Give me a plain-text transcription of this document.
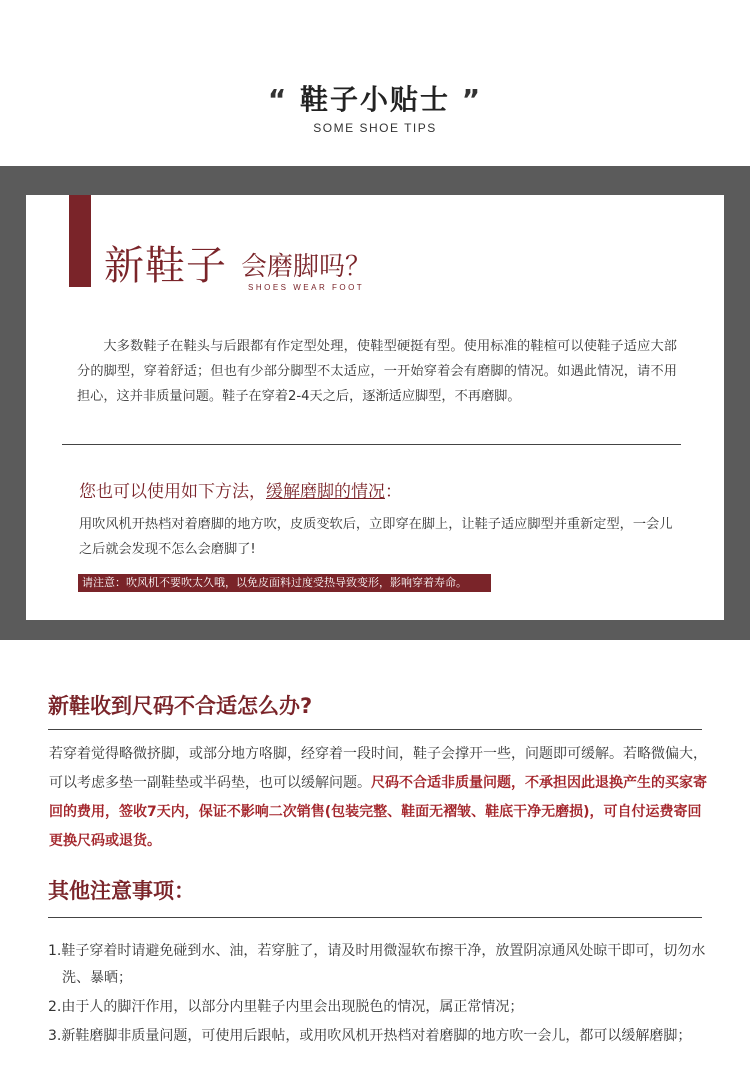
“ 鞋子小贴士 ”
SOME SHOE TIPS
新鞋子 会磨脚吗？
SHOES WEAR FOOT
大多数鞋子在鞋头与后跟都有作定型处理，使鞋型硬挺有型。使用标准的鞋楦可以使鞋子适应大部分的脚型，穿着舒适；但也有少部分脚型不太适应，一开始穿着会有磨脚的情况。如遇此情况，请不用担心，这并非质量问题。鞋子在穿着2-4天之后，逐渐适应脚型，不再磨脚。
您也可以使用如下方法，缓解磨脚的情况：
用吹风机开热档对着磨脚的地方吹，皮质变软后，立即穿在脚上，让鞋子适应脚型并重新定型，一会儿之后就会发现不怎么会磨脚了!
请注意：吹风机不要吹太久哦，以免皮面料过度受热导致变形，影响穿着寿命。
新鞋收到尺码不合适怎么办?
若穿着觉得略微挤脚，或部分地方咯脚，经穿着一段时间，鞋子会撑开一些，问题即可缓解。若略微偏大，可以考虑多垫一副鞋垫或半码垫，也可以缓解问题。尺码不合适非质量问题，不承担因此退换产生的买家寄回的费用，签收7天内，保证不影响二次销售(包装完整、鞋面无褶皱、鞋底干净无磨损)，可自付运费寄回更换尺码或退货。
其他注意事项：
1.鞋子穿着时请避免碰到水、油，若穿脏了，请及时用微湿软布擦干净，放置阴凉通风处晾干即可，切勿水洗、暴晒；
2.由于人的脚汗作用，以部分内里鞋子内里会出现脱色的情况，属正常情况；
3.新鞋磨脚非质量问题，可使用后跟帖，或用吹风机开热档对着磨脚的地方吹一会儿，都可以缓解磨脚；
